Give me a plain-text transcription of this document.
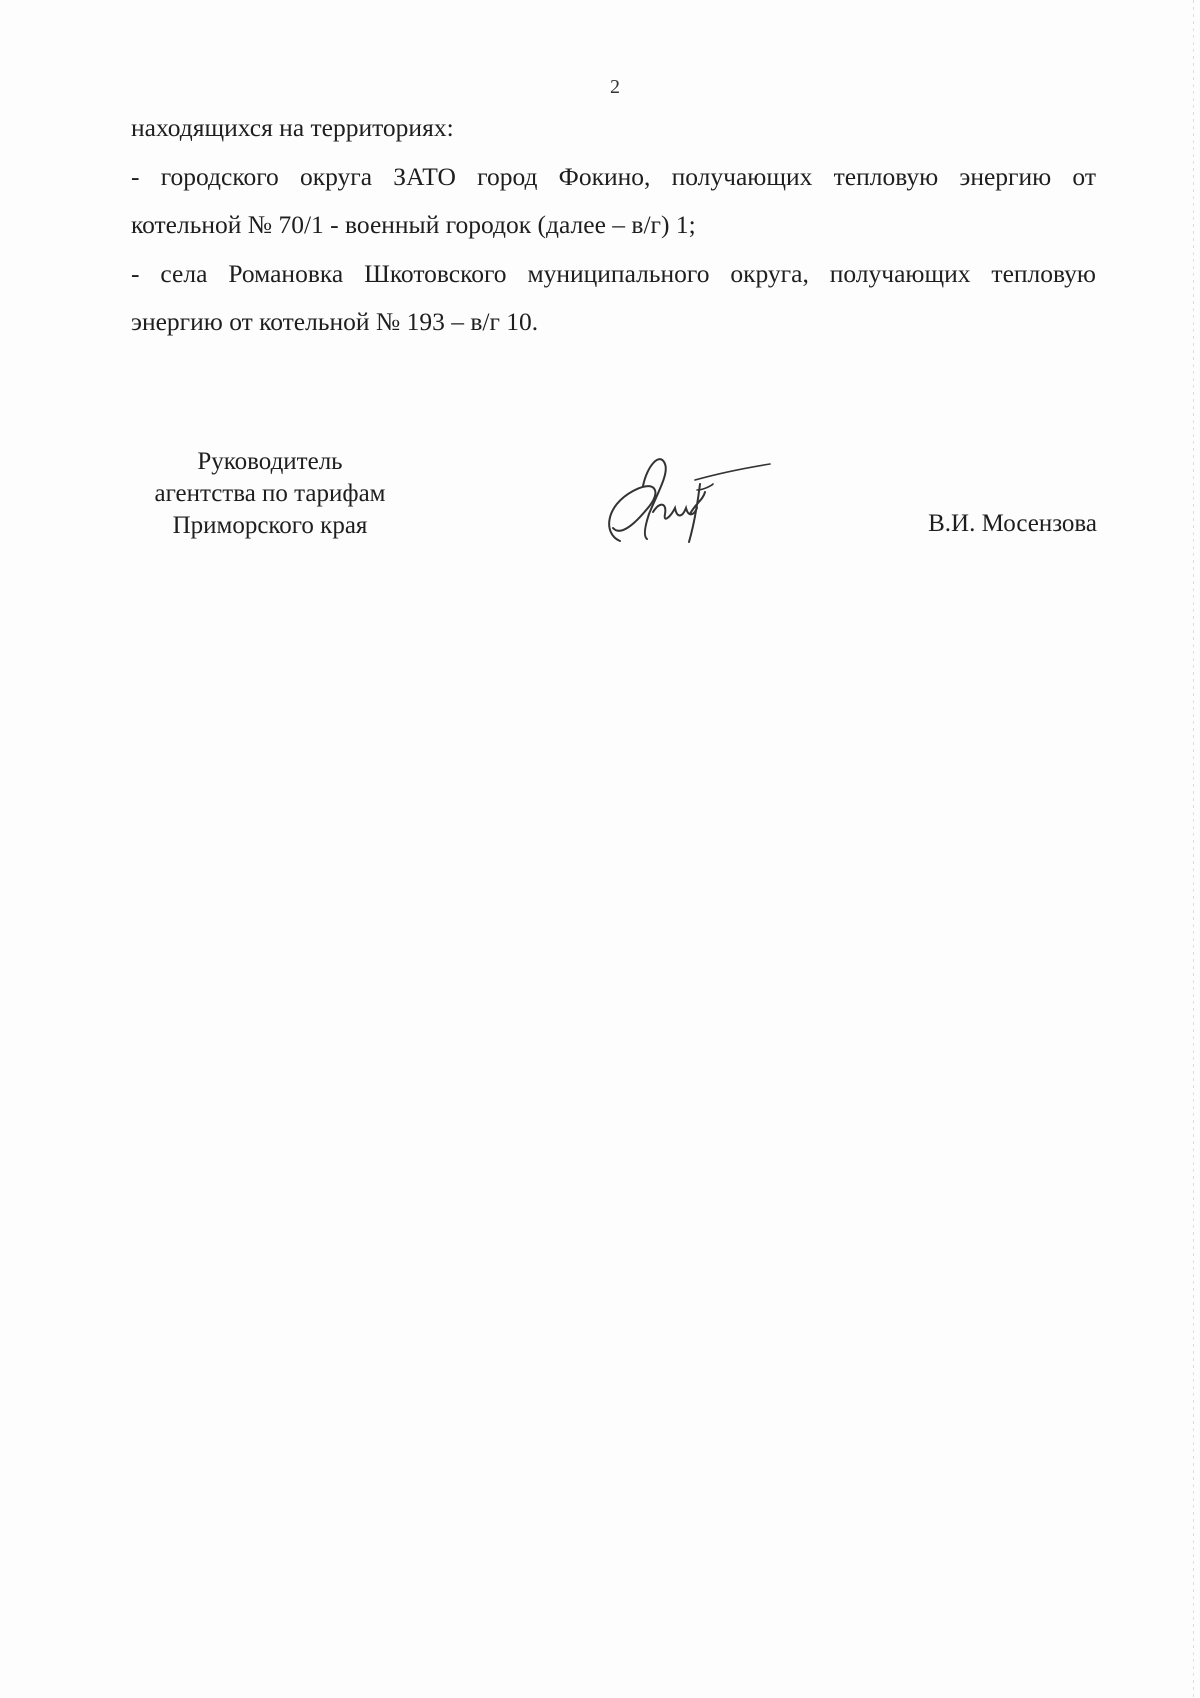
2
находящихся на территориях:
- городского округа ЗАТО город Фокино, получающих тепловую энергию от
котельной № 70/1 - военный городок (далее – в/г) 1;
- села Романовка Шкотовского муниципального округа, получающих тепловую
энергию от котельной № 193 – в/г 10.
Руководитель
агентства по тарифам
Приморского края	В.И. Мосензова
